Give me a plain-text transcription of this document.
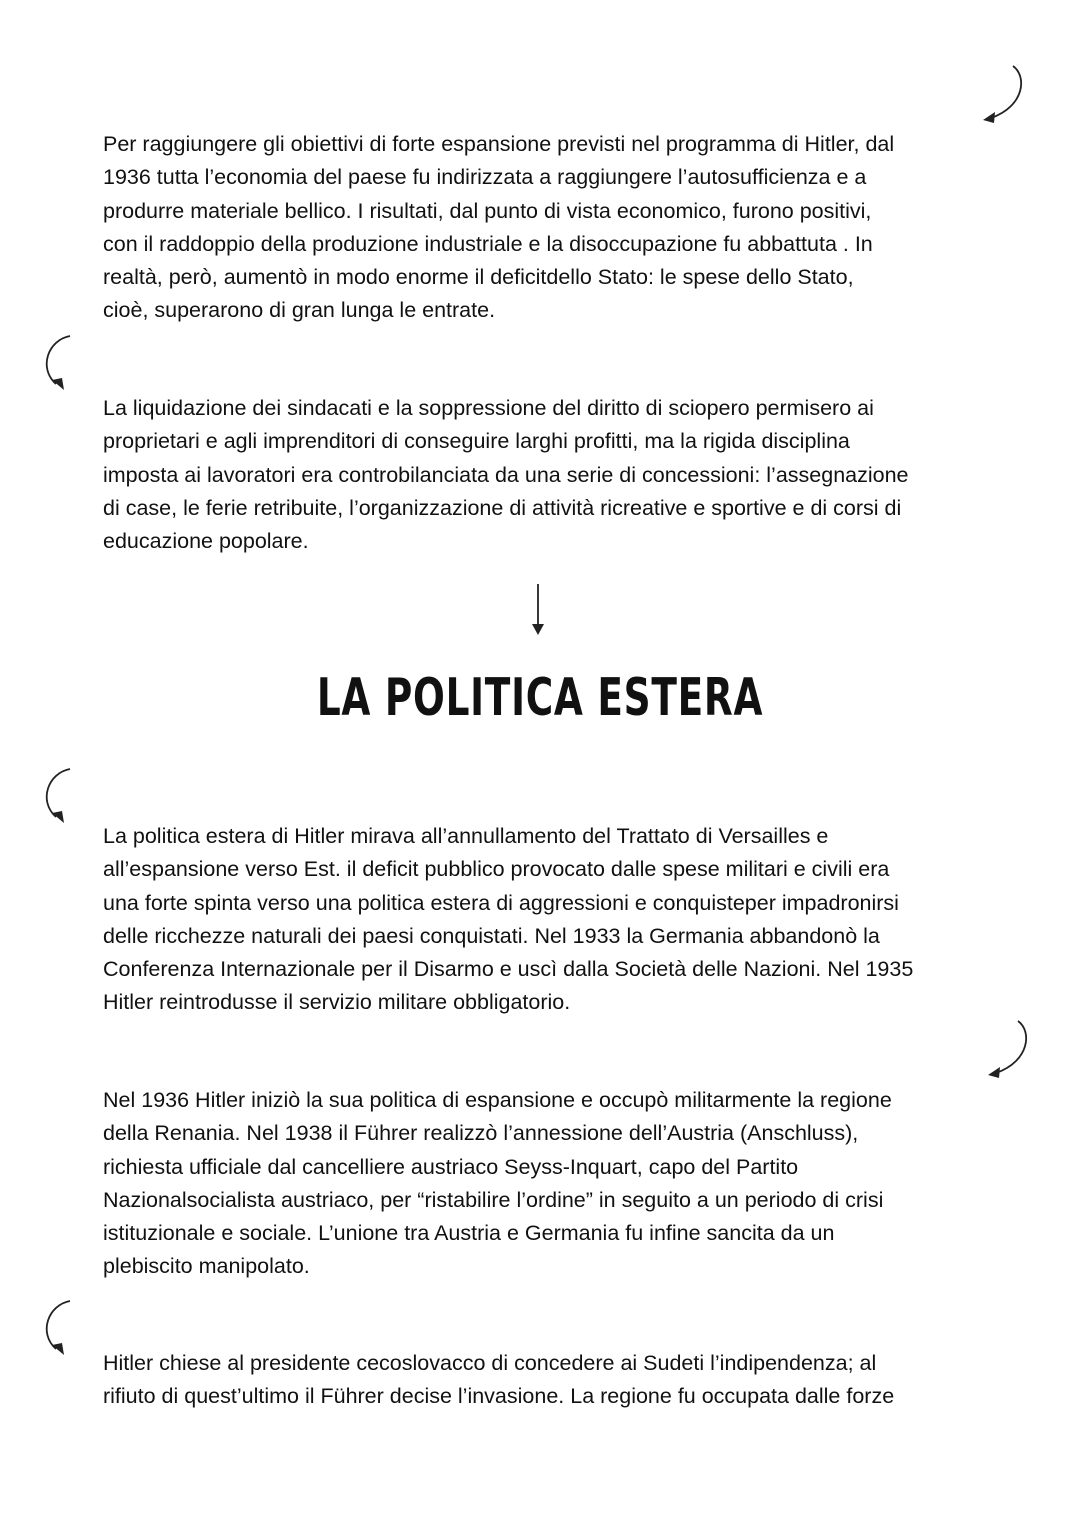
Per raggiungere gli obiettivi di forte espansione previsti nel programma di Hitler, dal
1936 tutta l’economia del paese fu indirizzata a raggiungere l’autosufficienza e a
produrre materiale bellico. I risultati, dal punto di vista economico, furono positivi,
con il raddoppio della produzione industriale e la disoccupazione fu abbattuta . In
realtà, però, aumentò in modo enorme il deficitdello Stato: le spese dello Stato,
cioè, superarono di gran lunga le entrate.

La liquidazione dei sindacati e la soppressione del diritto di sciopero permisero ai
proprietari e agli imprenditori di conseguire larghi profitti, ma la rigida disciplina
imposta ai lavoratori era controbilanciata da una serie di concessioni: l’assegnazione
di case, le ferie retribuite, l’organizzazione di attività ricreative e sportive e di corsi di
educazione popolare.

LA POLITICA ESTERA

La politica estera di Hitler mirava all’annullamento del Trattato di Versailles e
all’espansione verso Est. il deficit pubblico provocato dalle spese militari e civili era
una forte spinta verso una politica estera di aggressioni e conquisteper impadronirsi
delle ricchezze naturali dei paesi conquistati. Nel 1933 la Germania abbandonò la
Conferenza Internazionale per il Disarmo e uscì dalla Società delle Nazioni. Nel 1935
Hitler reintrodusse il servizio militare obbligatorio.

Nel 1936 Hitler iniziò la sua politica di espansione e occupò militarmente la regione
della Renania. Nel 1938 il Führer realizzò l’annessione dell’Austria (Anschluss),
richiesta ufficiale dal cancelliere austriaco Seyss-Inquart, capo del Partito
Nazionalsocialista austriaco, per “ristabilire l’ordine” in seguito a un periodo di crisi
istituzionale e sociale. L’unione tra Austria e Germania fu infine sancita da un
plebiscito manipolato.

Hitler chiese al presidente cecoslovacco di concedere ai Sudeti l’indipendenza; al
rifiuto di quest’ultimo il Führer decise l’invasione. La regione fu occupata dalle forze
